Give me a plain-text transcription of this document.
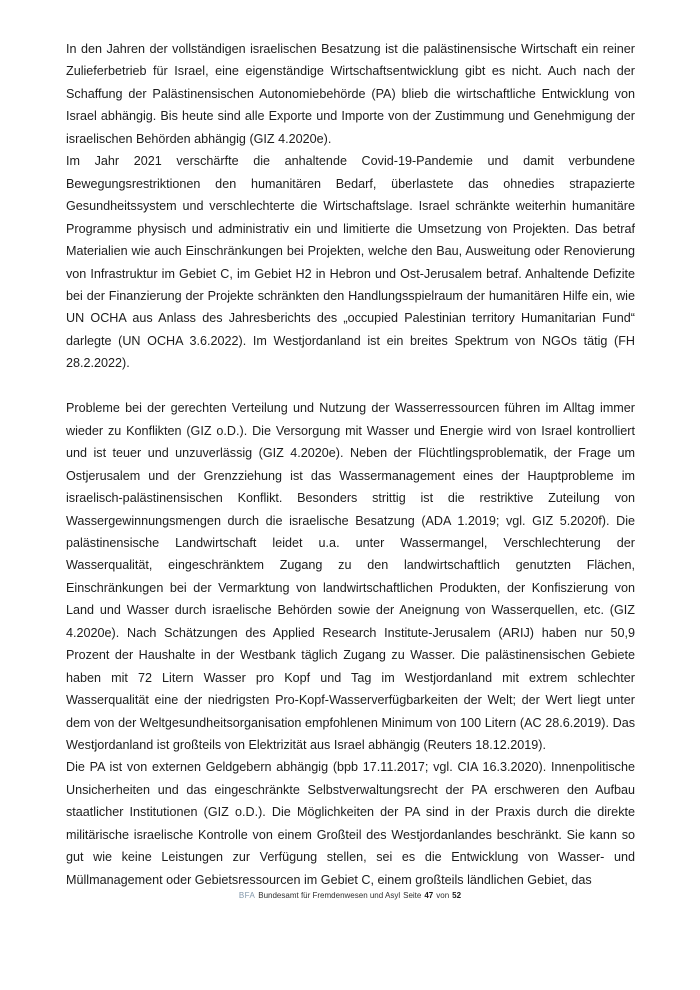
In den Jahren der vollständigen israelischen Besatzung ist die palästinensische Wirtschaft ein reiner Zulieferbetrieb für Israel, eine eigenständige Wirtschaftsentwicklung gibt es nicht. Auch nach der Schaffung der Palästinensischen Autonomiebehörde (PA) blieb die wirtschaftliche Entwicklung von Israel abhängig. Bis heute sind alle Exporte und Importe von der Zustimmung und Genehmigung der israelischen Behörden abhängig (GIZ 4.2020e).

Im Jahr 2021 verschärfte die anhaltende Covid-19-Pandemie und damit verbundene Bewegungsrestriktionen den humanitären Bedarf, überlastete das ohnedies strapazierte Gesundheitssystem und verschlechterte die Wirtschaftslage. Israel schränkte weiterhin humanitäre Programme physisch und administrativ ein und limitierte die Umsetzung von Projekten. Das betraf Materialien wie auch Einschränkungen bei Projekten, welche den Bau, Ausweitung oder Renovierung von Infrastruktur im Gebiet C, im Gebiet H2 in Hebron und Ost-Jerusalem betraf. Anhaltende Defizite bei der Finanzierung der Projekte schränkten den Handlungsspielraum der humanitären Hilfe ein, wie UN OCHA aus Anlass des Jahresberichts des „occupied Palestinian territory Humanitarian Fund“ darlegte (UN OCHA 3.6.2022). Im Westjordanland ist ein breites Spektrum von NGOs tätig (FH 28.2.2022).

Probleme bei der gerechten Verteilung und Nutzung der Wasserressourcen führen im Alltag immer wieder zu Konflikten (GIZ o.D.). Die Versorgung mit Wasser und Energie wird von Israel kontrolliert und ist teuer und unzuverlässig (GIZ 4.2020e). Neben der Flüchtlingsproblematik, der Frage um Ostjerusalem und der Grenzziehung ist das Wassermanagement eines der Hauptprobleme im israelisch-palästinensischen Konflikt. Besonders strittig ist die restriktive Zuteilung von Wassergewinnungsmengen durch die israelische Besatzung (ADA 1.2019; vgl. GIZ 5.2020f). Die palästinensische Landwirtschaft leidet u.a. unter Wassermangel, Verschlechterung der Wasserqualität, eingeschränktem Zugang zu den landwirtschaftlich genutzten Flächen, Einschränkungen bei der Vermarktung von landwirtschaftlichen Produkten, der Konfiszierung von Land und Wasser durch israelische Behörden sowie der Aneignung von Wasserquellen, etc. (GIZ 4.2020e). Nach Schätzungen des Applied Research Institute-Jerusalem (ARIJ) haben nur 50,9 Prozent der Haushalte in der Westbank täglich Zugang zu Wasser. Die palästinensischen Gebiete haben mit 72 Litern Wasser pro Kopf und Tag im Westjordanland mit extrem schlechter Wasserqualität eine der niedrigsten Pro-Kopf-Wasserverfügbarkeiten der Welt; der Wert liegt unter dem von der Weltgesundheitsorganisation empfohlenen Minimum von 100 Litern (AC 28.6.2019). Das Westjordanland ist großteils von Elektrizität aus Israel abhängig (Reuters 18.12.2019).

Die PA ist von externen Geldgebern abhängig (bpb 17.11.2017; vgl. CIA 16.3.2020). Innenpolitische Unsicherheiten und das eingeschränkte Selbstverwaltungsrecht der PA erschweren den Aufbau staatlicher Institutionen (GIZ o.D.). Die Möglichkeiten der PA sind in der Praxis durch die direkte militärische israelische Kontrolle von einem Großteil des Westjordanlandes beschränkt. Sie kann so gut wie keine Leistungen zur Verfügung stellen, sei es die Entwicklung von Wasser- und Müllmanagement oder Gebietsressourcen im Gebiet C, einem großteils ländlichen Gebiet, das

BFA Bundesamt für Fremdenwesen und Asyl Seite 47 von 52
